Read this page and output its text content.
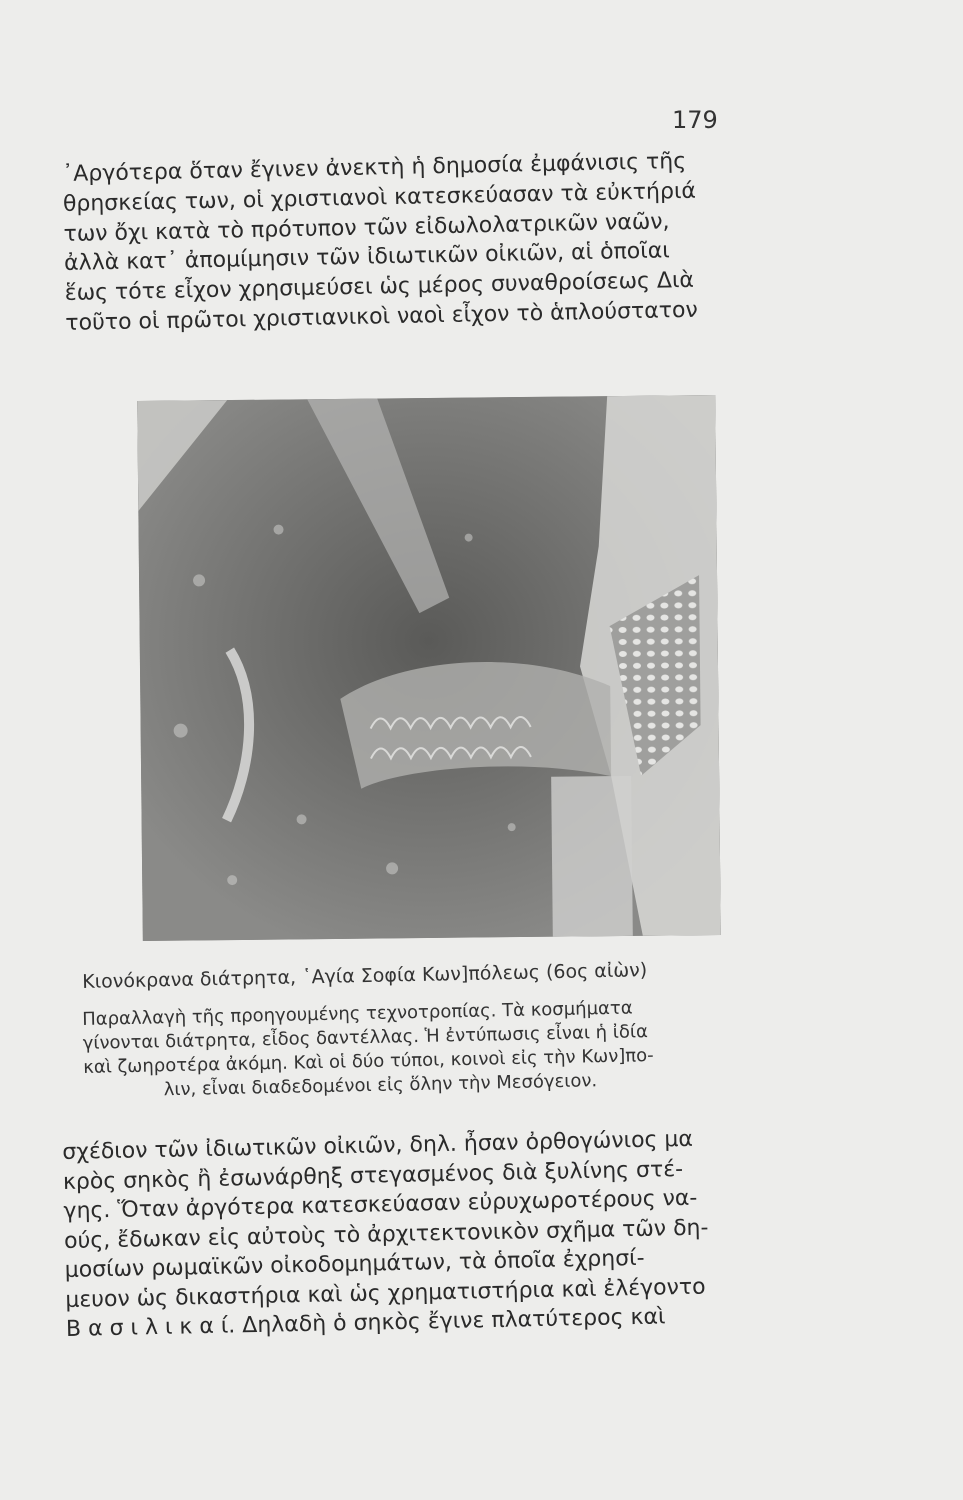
179
᾿Αργότερα ὅταν ἔγινεν ἀνεκτὴ ἡ δημοσία ἐμφάνισις τῆς
θρησκείας των, οἱ χριστιανοὶ κατεσκεύασαν τὰ εὐκτήριά
των ὄχι κατὰ τὸ πρότυπον τῶν εἰδωλολατρικῶν ναῶν,
ἀλλὰ κατ᾿ ἀπομίμησιν τῶν ἰδιωτικῶν οἰκιῶν, αἱ ὁποῖαι
ἕως τότε εἶχον χρησιμεύσει ὡς μέρος συναθροίσεως Διὰ
τοῦτο οἱ πρῶτοι χριστιανικοὶ ναοὶ εἶχον τὸ ἁπλούστατον
Κιονόκρανα διάτρητα, ῾Αγία Σοφία Κων]πόλεως (6ος αἰὼν)
Παραλλαγὴ τῆς προηγουμένης τεχνοτροπίας. Τὰ κοσμήματα
γίνονται διάτρητα, εἶδος δαντέλλας. Ἡ ἐντύπωσις εἶναι ἡ ἰδία
καὶ ζωηροτέρα ἀκόμη. Καὶ οἱ δύο τύποι, κοινοὶ εἰς τὴν Κων]πο-
λιν, εἶναι διαδεδομένοι εἰς ὅλην τὴν Μεσόγειον.
σχέδιον τῶν ἰδιωτικῶν οἰκιῶν, δηλ. ἦσαν ὀρθογώνιος μα
κρὸς σηκὸς ἢ ἐσωνάρθηξ στεγασμένος διὰ ξυλίνης στέ-
γης. Ὅταν ἀργότερα κατεσκεύασαν εὐρυχωροτέρους να-
ούς, ἔδωκαν εἰς αὐτοὺς τὸ ἀρχιτεκτονικὸν σχῆμα τῶν δη-
μοσίων ρωμαϊκῶν οἰκοδομημάτων, τὰ ὁποῖα ἐχρησί-
μευον ὡς δικαστήρια καὶ ὡς χρηματιστήρια καὶ ἐλέγοντο
Β α σ ι λ ι κ α ί. Δηλαδὴ ὁ σηκὸς ἔγινε πλατύτερος καὶ
